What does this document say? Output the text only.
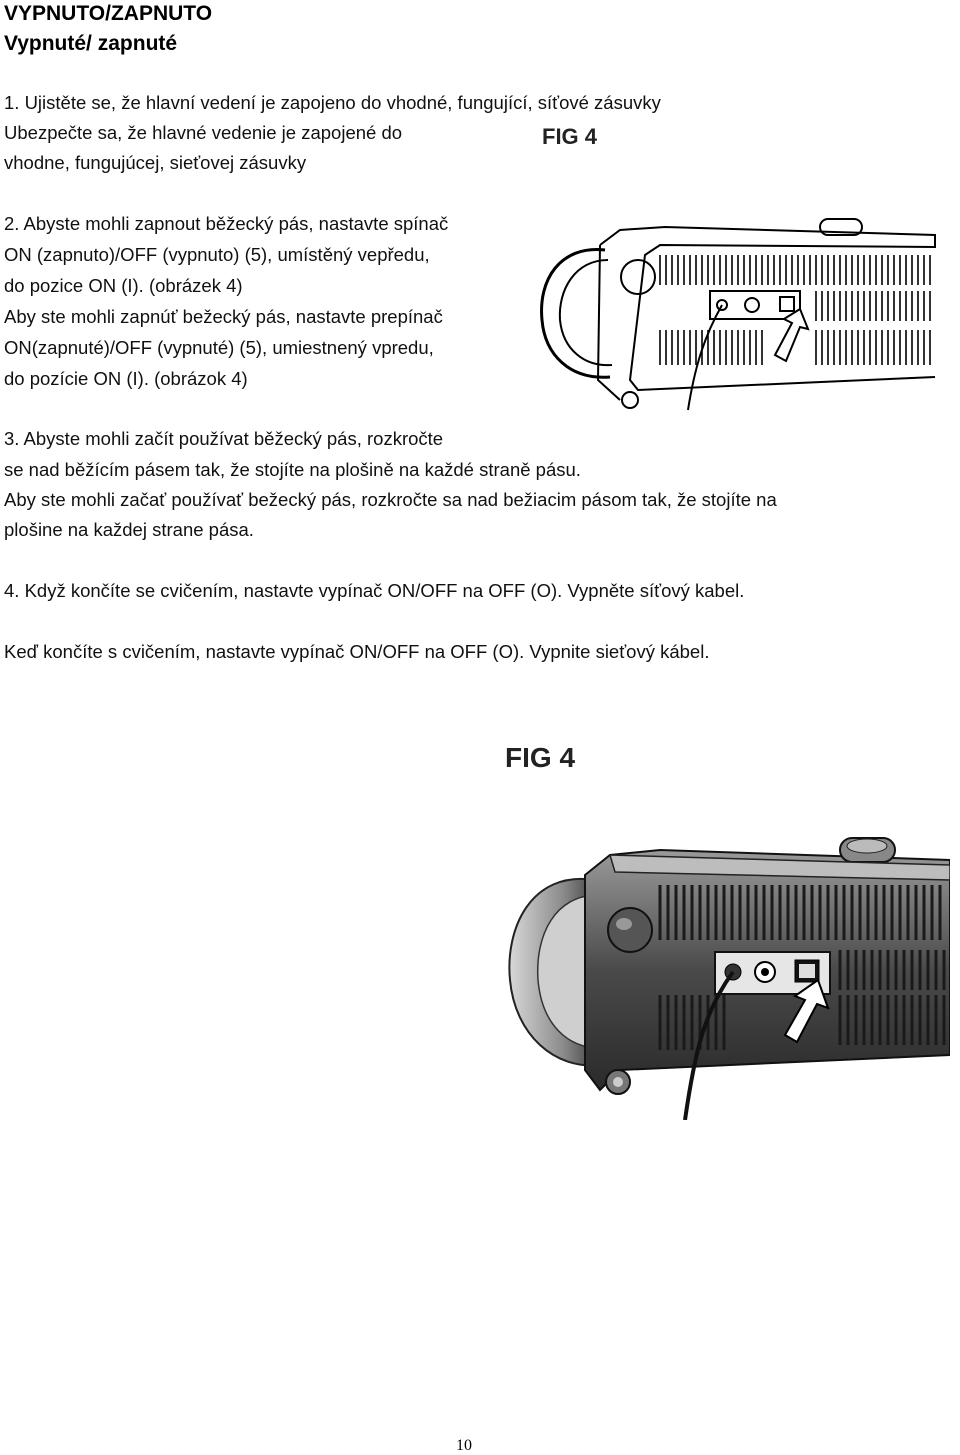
VYPNUTO/ZAPNUTO
Vypnuté/ zapnuté
1. Ujistěte se, že hlavní vedení je zapojeno do vhodné, fungující, síťové zásuvky
Ubezpečte sa, že hlavné vedenie je zapojené do
vhodne, fungujúcej, sieťovej zásuvky
2. Abyste mohli zapnout běžecký pás, nastavte spínač
ON (zapnuto)/OFF (vypnuto) (5), umístěný vepředu,
do pozice ON (I). (obrázek 4)
Aby ste mohli zapnúť bežecký pás, nastavte prepínač
ON(zapnuté)/OFF (vypnuté) (5), umiestnený vpredu,
do pozície ON (I). (obrázok 4)
3. Abyste mohli začít používat běžecký pás, rozkročte
se nad běžícím pásem tak, že stojíte na plošině na každé straně pásu.
Aby ste mohli začať používať bežecký pás, rozkročte sa nad bežiacim pásom tak, že stojíte na
plošine na každej strane pása.
4. Když končíte se cvičením, nastavte vypínač ON/OFF na OFF (O). Vypněte síťový kabel.
Keď končíte s cvičením, nastavte vypínač ON/OFF na OFF (O). Vypnite sieťový kábel.
FIG 4
FIG 4
10
